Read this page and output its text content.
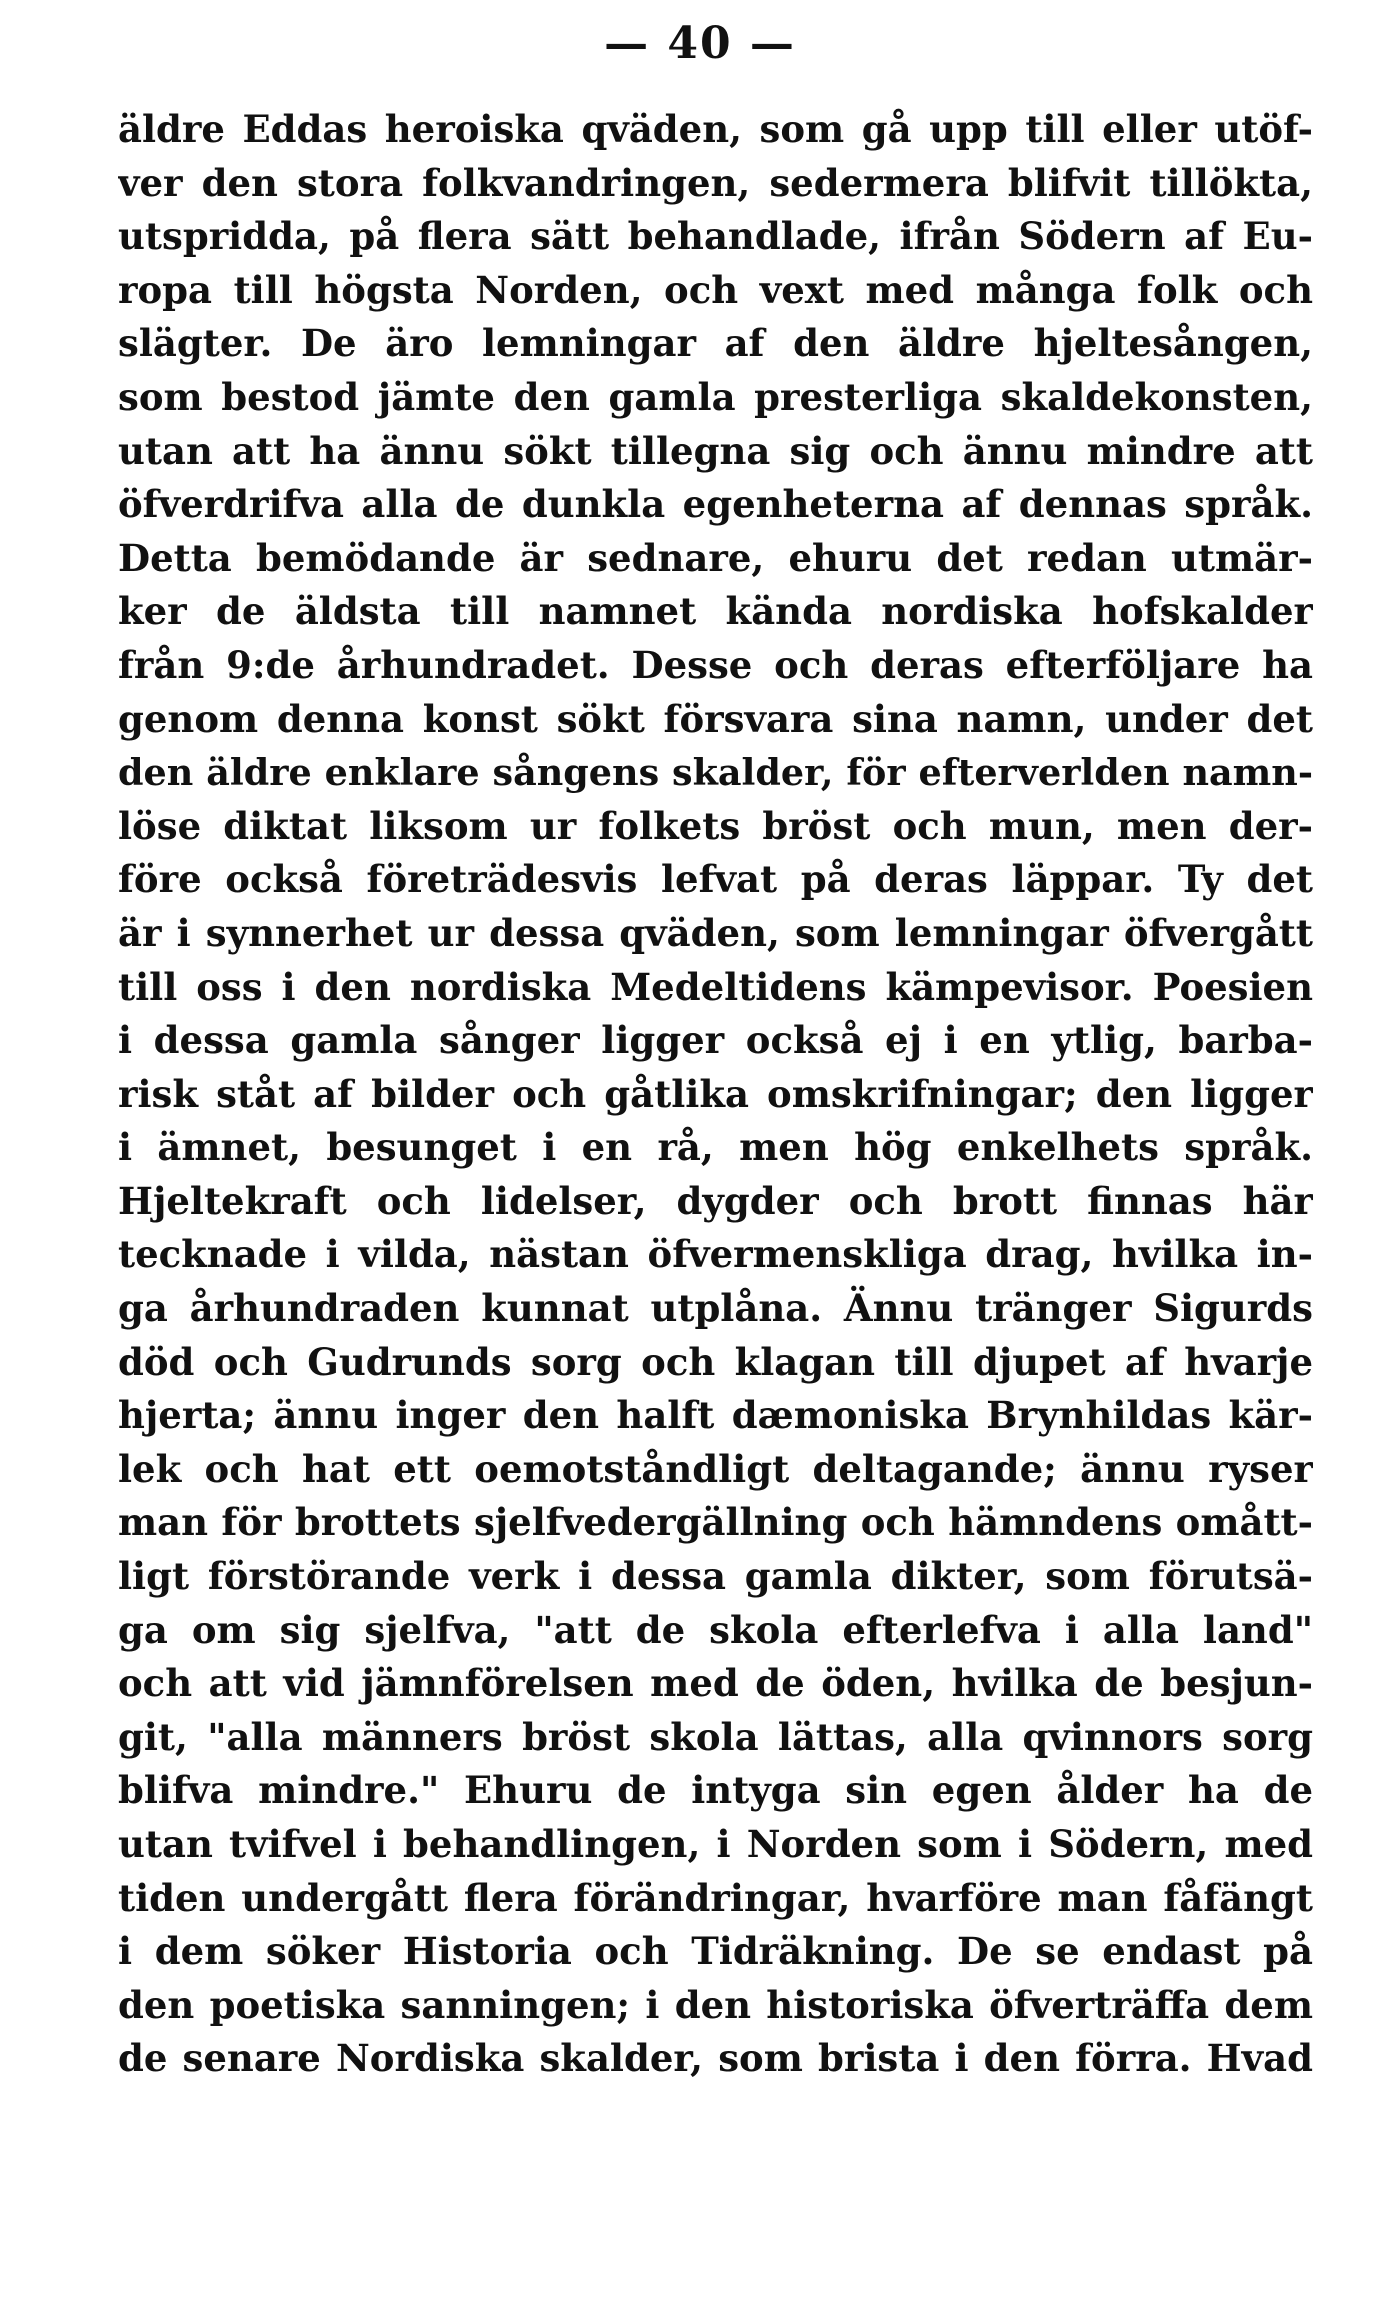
— 40 —
äldre Eddas heroiska qväden, som gå upp till eller utöf-
ver den stora folkvandringen, sedermera blifvit tillökta,
utspridda, på flera sätt behandlade, ifrån Södern af Eu-
ropa till högsta Norden, och vext med många folk och
slägter. De äro lemningar af den äldre hjeltesången,
som bestod jämte den gamla presterliga skaldekonsten,
utan att ha ännu sökt tillegna sig och ännu mindre att
öfverdrifva alla de dunkla egenheterna af dennas språk.
Detta bemödande är sednare, ehuru det redan utmär-
ker de äldsta till namnet kända nordiska hofskalder
från 9:de århundradet. Desse och deras efterföljare ha
genom denna konst sökt försvara sina namn, under det
den äldre enklare sångens skalder, för efterverlden namn-
löse diktat liksom ur folkets bröst och mun, men der-
före också företrädesvis lefvat på deras läppar. Ty det
är i synnerhet ur dessa qväden, som lemningar öfvergått
till oss i den nordiska Medeltidens kämpevisor. Poesien
i dessa gamla sånger ligger också ej i en ytlig, barba-
risk ståt af bilder och gåtlika omskrifningar; den ligger
i ämnet, besunget i en rå, men hög enkelhets språk.
Hjeltekraft och lidelser, dygder och brott finnas här
tecknade i vilda, nästan öfvermenskliga drag, hvilka in-
ga århundraden kunnat utplåna. Ännu tränger Sigurds
död och Gudrunds sorg och klagan till djupet af hvarje
hjerta; ännu inger den halft dæmoniska Brynhildas kär-
lek och hat ett oemotståndligt deltagande; ännu ryser
man för brottets sjelfvedergällning och hämndens omått-
ligt förstörande verk i dessa gamla dikter, som förutsä-
ga om sig sjelfva, "att de skola efterlefva i alla land"
och att vid jämnförelsen med de öden, hvilka de besjun-
git, "alla männers bröst skola lättas, alla qvinnors sorg
blifva mindre." Ehuru de intyga sin egen ålder ha de
utan tvifvel i behandlingen, i Norden som i Södern, med
tiden undergått flera förändringar, hvarföre man fåfängt
i dem söker Historia och Tidräkning. De se endast på
den poetiska sanningen; i den historiska öfverträffa dem
de senare Nordiska skalder, som brista i den förra. Hvad
